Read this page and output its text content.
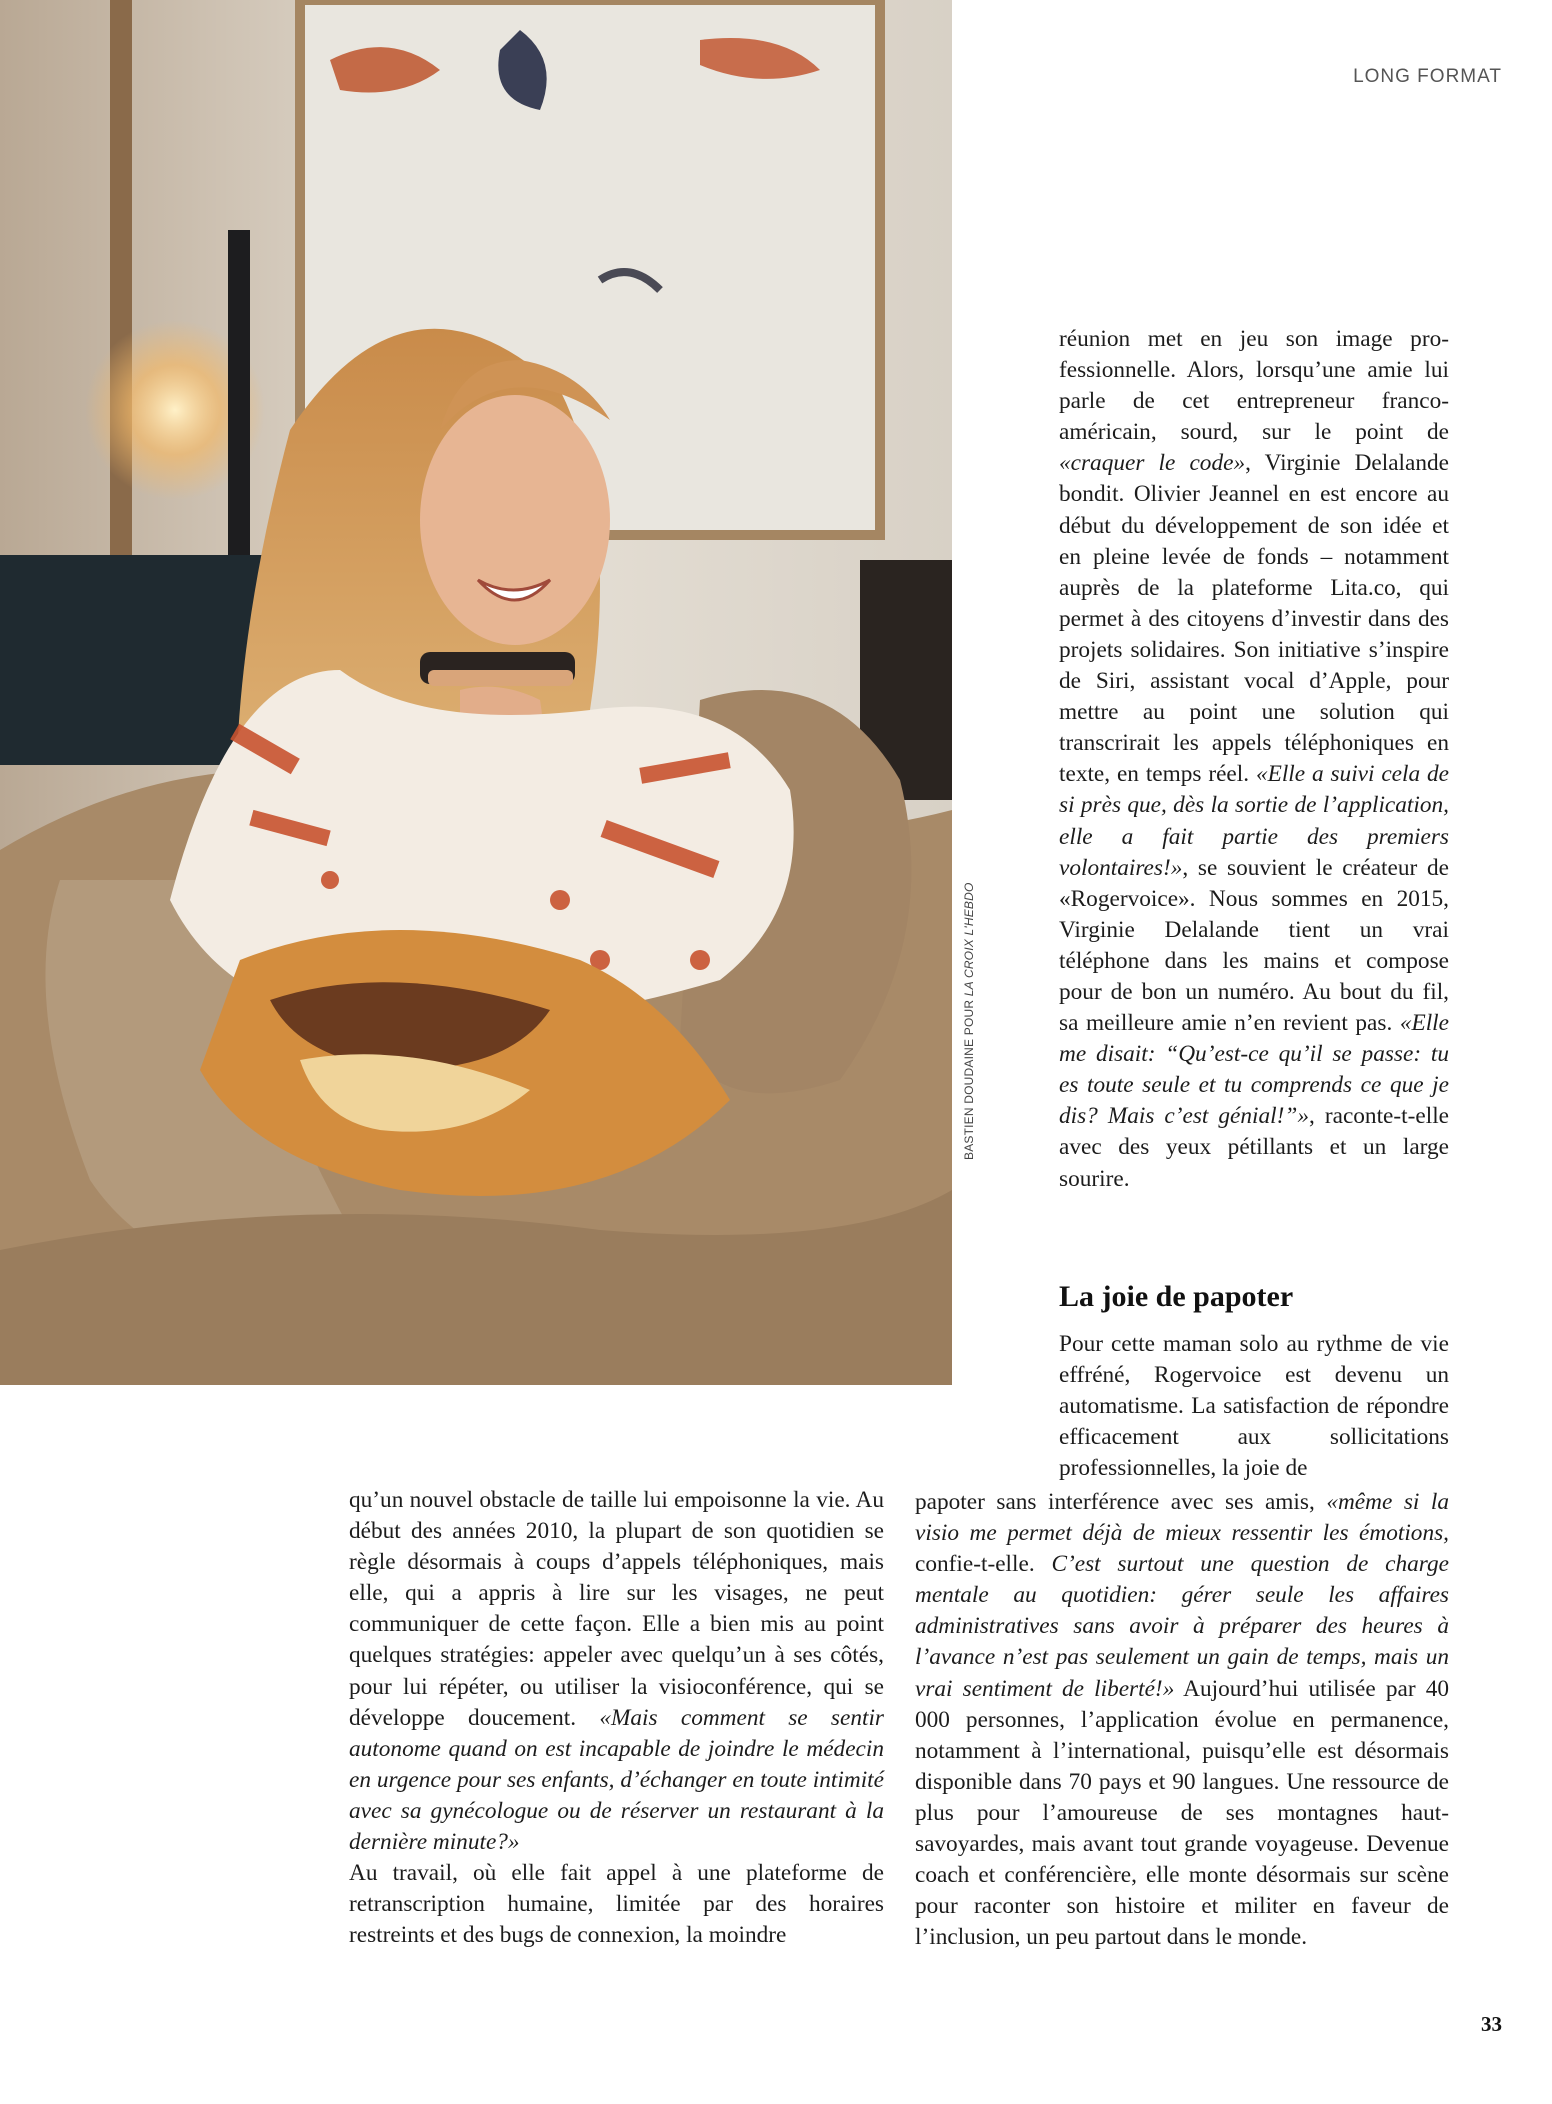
LONG FORMAT
BASTIEN DOUDAINE POUR LA CROIX L'HEBDO

réunion met en jeu son image professionnelle. Alors, lorsqu’une amie lui parle de cet entrepreneur franco-américain, sourd, sur le point de «craquer le code», Virginie Delalande bondit. Olivier Jeannel en est encore au début du développement de son idée et en pleine levée de fonds – notamment auprès de la plateforme Lita.co, qui permet à des citoyens d’investir dans des projets solidaires. Son initiative s’inspire de Siri, assistant vocal d’Apple, pour mettre au point une solution qui transcrirait les appels téléphoniques en texte, en temps réel. «Elle a suivi cela de si près que, dès la sortie de l’application, elle a fait partie des premiers volontaires!», se souvient le créateur de «Rogervoice». Nous sommes en 2015, Virginie Delalande tient un vrai téléphone dans les mains et compose pour de bon un numéro. Au bout du fil, sa meilleure amie n’en revient pas. «Elle me disait: “Qu’est-ce qu’il se passe: tu es toute seule et tu comprends ce que je dis? Mais c’est génial!”», raconte-t-elle avec des yeux pétillants et un large sourire.

La joie de papoter

Pour cette maman solo au rythme de vie effréné, Rogervoice est devenu un automatisme. La satisfaction de répondre efficacement aux sollicitations professionnelles, la joie de

qu’un nouvel obstacle de taille lui empoisonne la vie. Au début des années 2010, la plupart de son quotidien se règle désormais à coups d’appels téléphoniques, mais elle, qui a appris à lire sur les visages, ne peut communiquer de cette façon. Elle a bien mis au point quelques stratégies: appeler avec quelqu’un à ses côtés, pour lui répéter, ou utiliser la visioconférence, qui se développe doucement. «Mais comment se sentir autonome quand on est incapable de joindre le médecin en urgence pour ses enfants, d’échanger en toute intimité avec sa gynécologue ou de réserver un restaurant à la dernière minute?»

Au travail, où elle fait appel à une plateforme de retranscription humaine, limitée par des horaires restreints et des bugs de connexion, la moindre

papoter sans interférence avec ses amis, «même si la visio me permet déjà de mieux ressentir les émotions, confie-t-elle. C’est surtout une question de charge mentale au quotidien: gérer seule les affaires administratives sans avoir à préparer des heures à l’avance n’est pas seulement un gain de temps, mais un vrai sentiment de liberté!» Aujourd’hui utilisée par 40 000 personnes, l’application évolue en permanence, notamment à l’international, puisqu’elle est désormais disponible dans 70 pays et 90 langues. Une ressource de plus pour l’amoureuse de ses montagnes haut-savoyardes, mais avant tout grande voyageuse. Devenue coach et conférencière, elle monte désormais sur scène pour raconter son histoire et militer en faveur de l’inclusion, un peu partout dans le monde.

33
